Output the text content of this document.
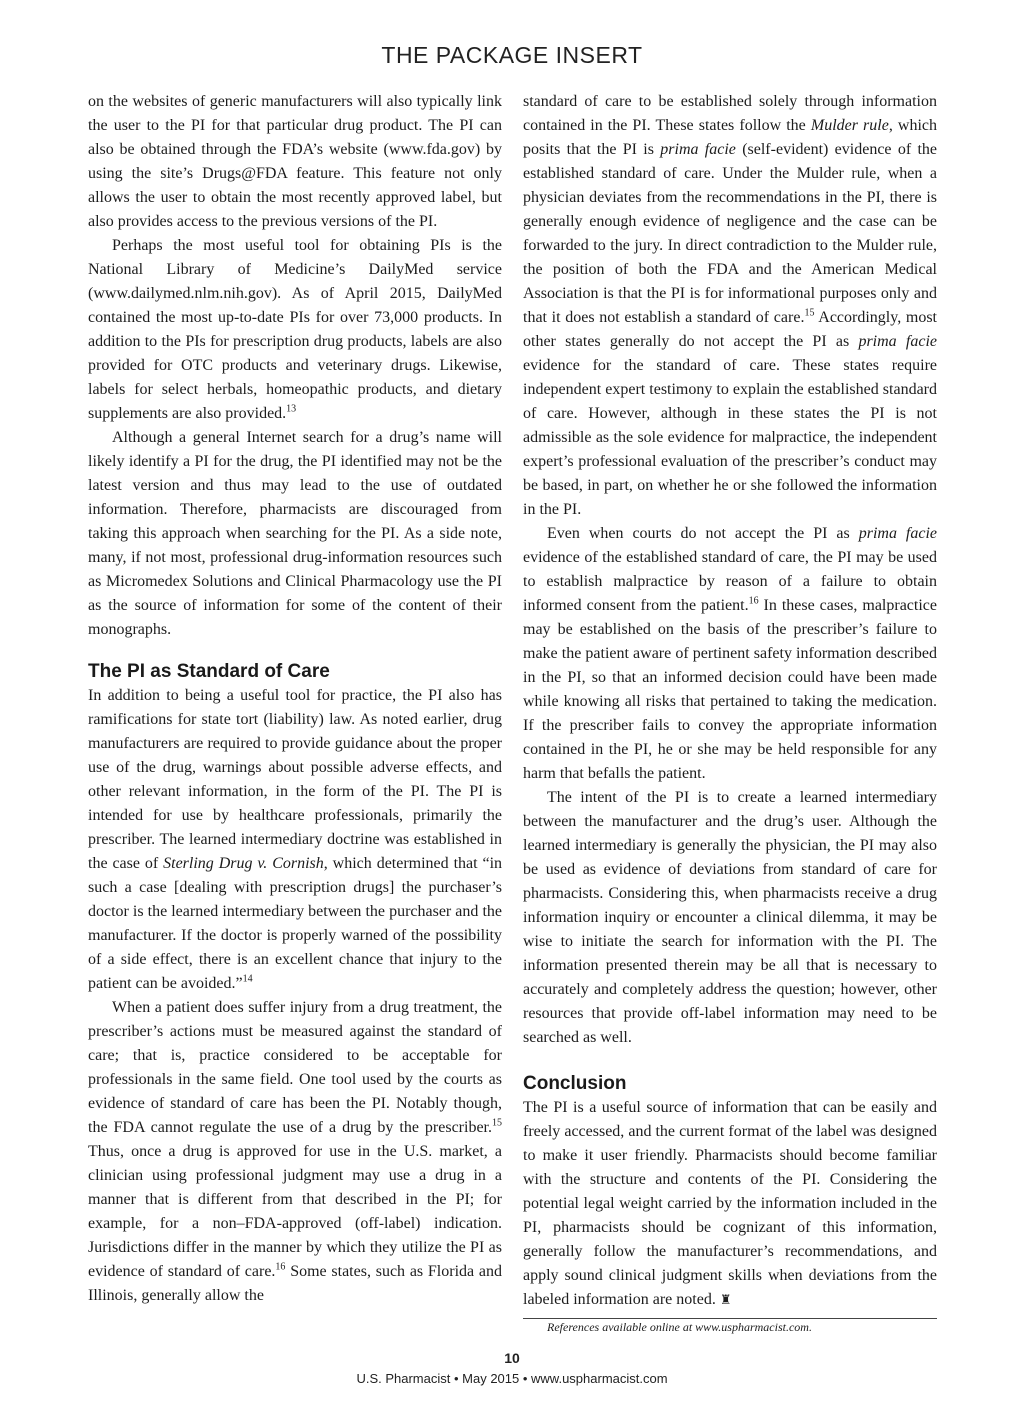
THE PACKAGE INSERT

on the websites of generic manufacturers will also typically link the user to the PI for that particular drug product. The PI can also be obtained through the FDA’s website (www.fda.gov) by using the site’s Drugs@FDA feature. This feature not only allows the user to obtain the most recently approved label, but also provides access to the previous versions of the PI.

Perhaps the most useful tool for obtaining PIs is the National Library of Medicine’s DailyMed service (www.dailymed.nlm.nih.gov). As of April 2015, DailyMed contained the most up-to-date PIs for over 73,000 products. In addition to the PIs for prescription drug products, labels are also provided for OTC products and veterinary drugs. Likewise, labels for select herbals, homeopathic products, and dietary supplements are also provided.$^{13}$

Although a general Internet search for a drug’s name will likely identify a PI for the drug, the PI identified may not be the latest version and thus may lead to the use of outdated information. Therefore, pharmacists are discouraged from taking this approach when searching for the PI. As a side note, many, if not most, professional drug-information resources such as Micromedex Solutions and Clinical Pharmacology use the PI as the source of information for some of the content of their monographs.

The PI as Standard of Care

In addition to being a useful tool for practice, the PI also has ramifications for state tort (liability) law. As noted earlier, drug manufacturers are required to provide guidance about the proper use of the drug, warnings about possible adverse effects, and other relevant information, in the form of the PI. The PI is intended for use by healthcare professionals, primarily the prescriber. The learned intermediary doctrine was established in the case of Sterling Drug v. Cornish, which determined that “in such a case [dealing with prescription drugs] the purchaser’s doctor is the learned intermediary between the purchaser and the manufacturer. If the doctor is properly warned of the possibility of a side effect, there is an excellent chance that injury to the patient can be avoided.”$^{14}$

When a patient does suffer injury from a drug treatment, the prescriber’s actions must be measured against the standard of care; that is, practice considered to be acceptable for professionals in the same field. One tool used by the courts as evidence of standard of care has been the PI. Notably though, the FDA cannot regulate the use of a drug by the prescriber.$^{15}$ Thus, once a drug is approved for use in the U.S. market, a clinician using professional judgment may use a drug in a manner that is different from that described in the PI; for example, for a non–FDA-approved (off-label) indication. Jurisdictions differ in the manner by which they utilize the PI as evidence of standard of care.$^{16}$ Some states, such as Florida and Illinois, generally allow the

standard of care to be established solely through information contained in the PI. These states follow the Mulder rule, which posits that the PI is prima facie (self-evident) evidence of the established standard of care. Under the Mulder rule, when a physician deviates from the recommendations in the PI, there is generally enough evidence of negligence and the case can be forwarded to the jury. In direct contradiction to the Mulder rule, the position of both the FDA and the American Medical Association is that the PI is for informational purposes only and that it does not establish a standard of care.$^{15}$ Accordingly, most other states generally do not accept the PI as prima facie evidence for the standard of care. These states require independent expert testimony to explain the established standard of care. However, although in these states the PI is not admissible as the sole evidence for malpractice, the independent expert’s professional evaluation of the prescriber’s conduct may be based, in part, on whether he or she followed the information in the PI.

Even when courts do not accept the PI as prima facie evidence of the established standard of care, the PI may be used to establish malpractice by reason of a failure to obtain informed consent from the patient.$^{16}$ In these cases, malpractice may be established on the basis of the prescriber’s failure to make the patient aware of pertinent safety information described in the PI, so that an informed decision could have been made while knowing all risks that pertained to taking the medication. If the prescriber fails to convey the appropriate information contained in the PI, he or she may be held responsible for any harm that befalls the patient.

The intent of the PI is to create a learned intermediary between the manufacturer and the drug’s user. Although the learned intermediary is generally the physician, the PI may also be used as evidence of deviations from standard of care for pharmacists. Considering this, when pharmacists receive a drug information inquiry or encounter a clinical dilemma, it may be wise to initiate the search for information with the PI. The information presented therein may be all that is necessary to accurately and completely address the question; however, other resources that provide off-label information may need to be searched as well.

Conclusion

The PI is a useful source of information that can be easily and freely accessed, and the current format of the label was designed to make it user friendly. Pharmacists should become familiar with the structure and contents of the PI. Considering the potential legal weight carried by the information included in the PI, pharmacists should be cognizant of this information, generally follow the manufacturer’s recommendations, and apply sound clinical judgment skills when deviations from the labeled information are noted. ♜

References available online at www.uspharmacist.com.

10
U.S. Pharmacist • May 2015 • www.uspharmacist.com
